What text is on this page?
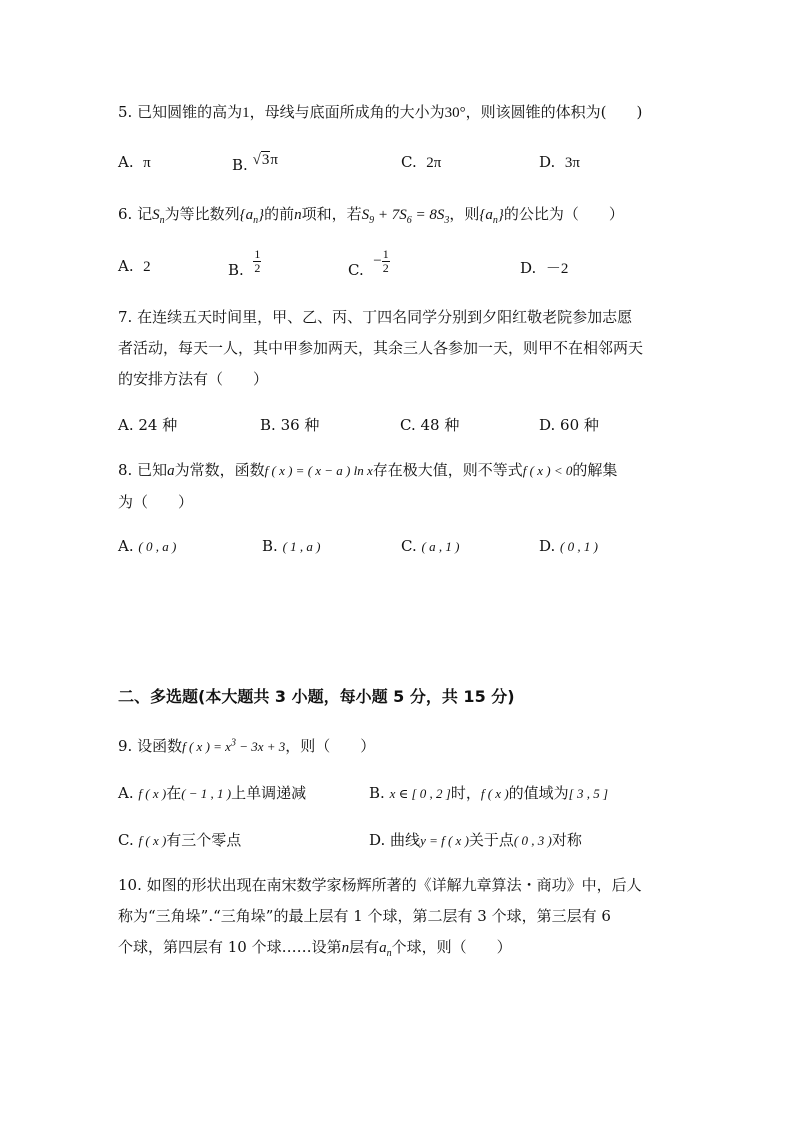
5. 已知圆锥的高为1，母线与底面所成角的大小为30°，则该圆锥的体积为(　　)
A. π	B. √3π	C. 2π	D. 3π
6. 记$S_n$为等比数列$\{a_n\}$的前n项和，若$S_9 + 7S_6 = 8S_3$，则$\{a_n\}$的公比为（　　）
A. 2	B. $\frac{1}{2}$	C. − $\frac{1}{2}$	D. －2
7. 在连续五天时间里，甲、乙、丙、丁四名同学分别到夕阳红敬老院参加志愿
者活动，每天一人，其中甲参加两天，其余三人各参加一天，则甲不在相邻两天
的安排方法有（　　）
A. 24 种	B. 36 种	C. 48 种	D. 60 种
8. 已知a为常数，函数f ( x ) = ( x − a ) ln x存在极大值，则不等式f ( x ) < 0的解集
为（　　）
A. ( 0 , a )	B. ( 1 , a )	C. ( a , 1 )	D. ( 0 , 1 )
二、多选题(本大题共 3 小题，每小题 5 分，共 15 分)
9. 设函数f ( x ) = $x^3 - 3x + 3$，则（　　）
A. f ( x )在( − 1 , 1 )上单调递减	B. x ∈ [ 0 , 2 ]时，f ( x )的值域为[ 3 , 5 ]
C. f ( x )有三个零点	D. 曲线y = f ( x )关于点( 0 , 3 )对称
10. 如图的形状出现在南宋数学家杨辉所著的《详解九章算法・商功》中，后人
称为“三角垛”.“三角垛”的最上层有 1 个球，第二层有 3 个球，第三层有 6
个球，第四层有 10 个球……设第n层有$a_n$个球，则（　　）
